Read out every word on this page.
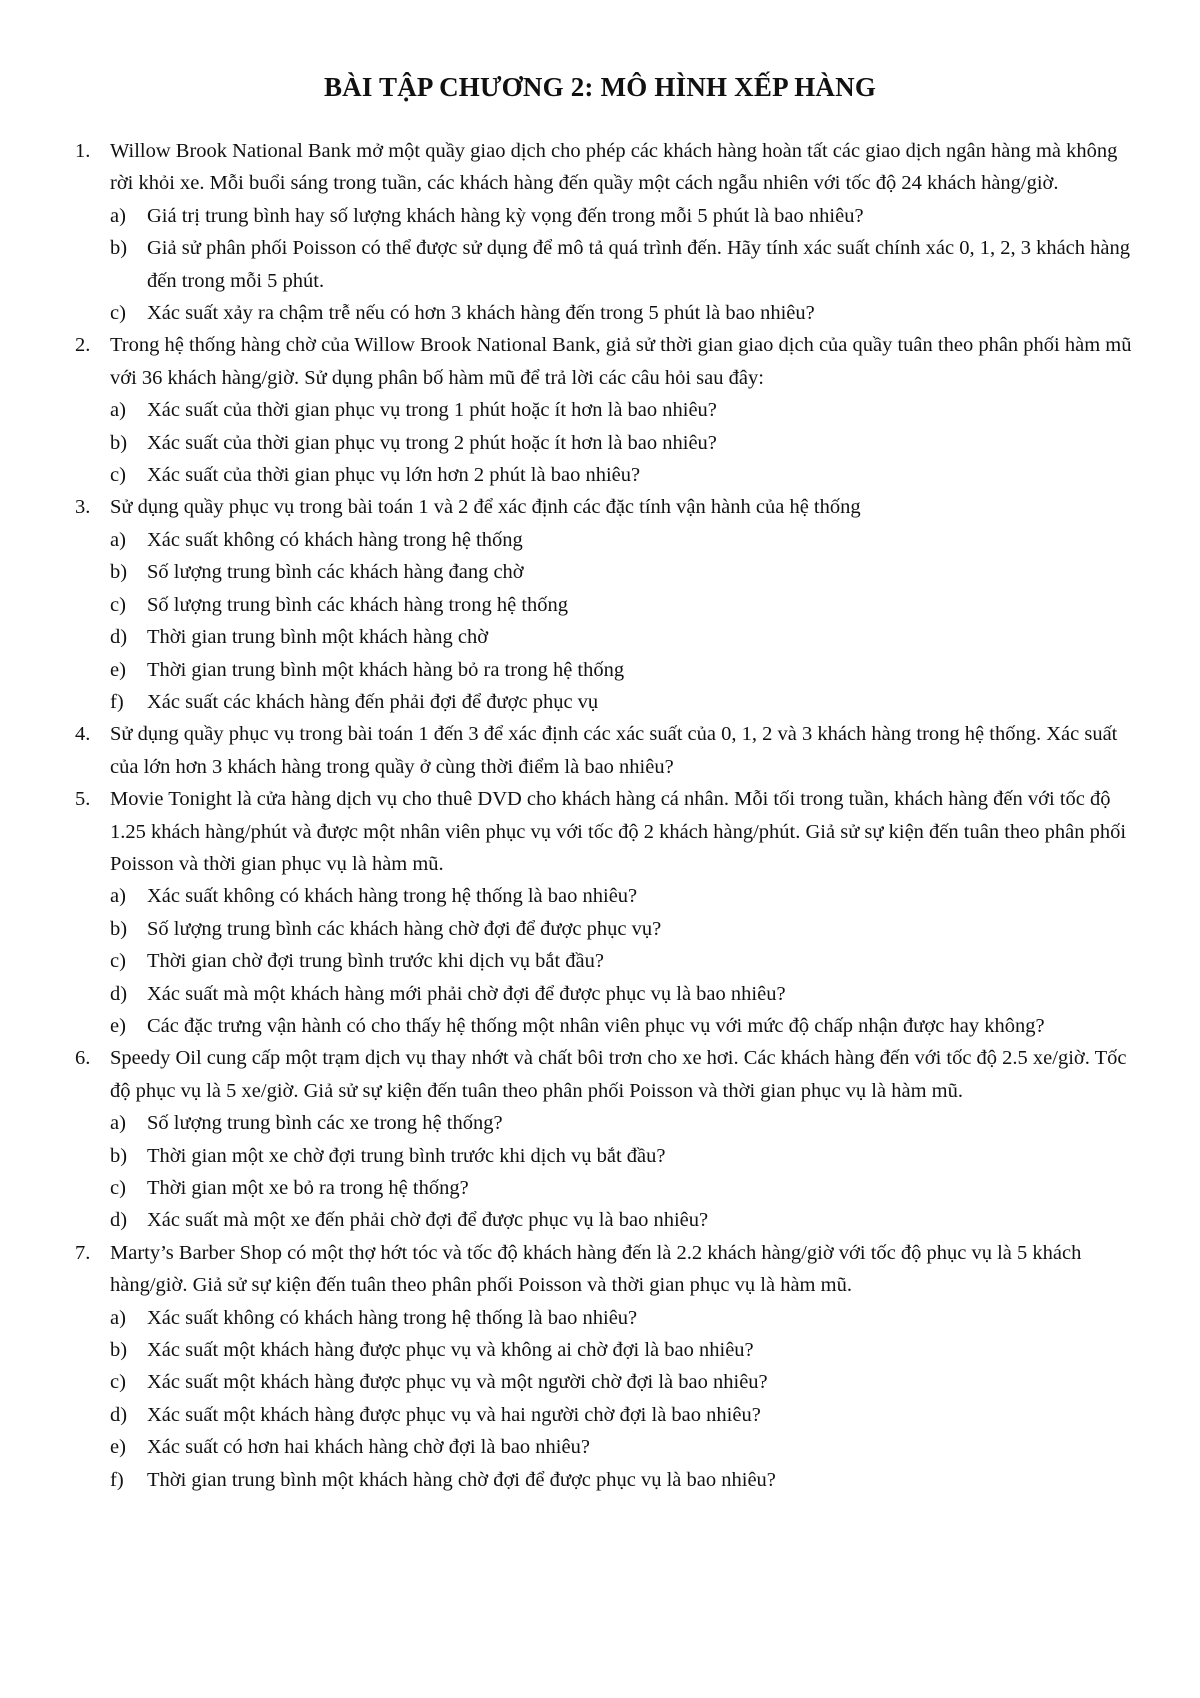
BÀI TẬP CHƯƠNG 2: MÔ HÌNH XẾP HÀNG
1. Willow Brook National Bank mở một quầy giao dịch cho phép các khách hàng hoàn tất các giao dịch ngân hàng mà không rời khỏi xe. Mỗi buổi sáng trong tuần, các khách hàng đến quầy một cách ngẫu nhiên với tốc độ 24 khách hàng/giờ.
a) Giá trị trung bình hay số lượng khách hàng kỳ vọng đến trong mỗi 5 phút là bao nhiêu?
b) Giả sử phân phối Poisson có thể được sử dụng để mô tả quá trình đến. Hãy tính xác suất chính xác 0, 1, 2, 3 khách hàng đến trong mỗi 5 phút.
c) Xác suất xảy ra chậm trễ nếu có hơn 3 khách hàng đến trong 5 phút là bao nhiêu?
2. Trong hệ thống hàng chờ của Willow Brook National Bank, giả sử thời gian giao dịch của quầy tuân theo phân phối hàm mũ với 36 khách hàng/giờ. Sử dụng phân bố hàm mũ để trả lời các câu hỏi sau đây:
a) Xác suất của thời gian phục vụ trong 1 phút hoặc ít hơn là bao nhiêu?
b) Xác suất của thời gian phục vụ trong 2 phút hoặc ít hơn là bao nhiêu?
c) Xác suất của thời gian phục vụ lớn hơn 2 phút là bao nhiêu?
3. Sử dụng quầy phục vụ trong bài toán 1 và 2 để xác định các đặc tính vận hành của hệ thống
a) Xác suất không có khách hàng trong hệ thống
b) Số lượng trung bình các khách hàng đang chờ
c) Số lượng trung bình các khách hàng trong hệ thống
d) Thời gian trung bình một khách hàng chờ
e) Thời gian trung bình một khách hàng bỏ ra trong hệ thống
f) Xác suất các khách hàng đến phải đợi để được phục vụ
4. Sử dụng quầy phục vụ trong bài toán 1 đến 3 để xác định các xác suất của 0, 1, 2 và 3 khách hàng trong hệ thống. Xác suất của lớn hơn 3 khách hàng trong quầy ở cùng thời điểm là bao nhiêu?
5. Movie Tonight là cửa hàng dịch vụ cho thuê DVD cho khách hàng cá nhân. Mỗi tối trong tuần, khách hàng đến với tốc độ 1.25 khách hàng/phút và được một nhân viên phục vụ với tốc độ 2 khách hàng/phút. Giả sử sự kiện đến tuân theo phân phối Poisson và thời gian phục vụ là hàm mũ.
a) Xác suất không có khách hàng trong hệ thống là bao nhiêu?
b) Số lượng trung bình các khách hàng chờ đợi để được phục vụ?
c) Thời gian chờ đợi trung bình trước khi dịch vụ bắt đầu?
d) Xác suất mà một khách hàng mới phải chờ đợi để được phục vụ là bao nhiêu?
e) Các đặc trưng vận hành có cho thấy hệ thống một nhân viên phục vụ với mức độ chấp nhận được hay không?
6. Speedy Oil cung cấp một trạm dịch vụ thay nhớt và chất bôi trơn cho xe hơi. Các khách hàng đến với tốc độ 2.5 xe/giờ. Tốc độ phục vụ là 5 xe/giờ. Giả sử sự kiện đến tuân theo phân phối Poisson và thời gian phục vụ là hàm mũ.
a) Số lượng trung bình các xe trong hệ thống?
b) Thời gian một xe chờ đợi trung bình trước khi dịch vụ bắt đầu?
c) Thời gian một xe bỏ ra trong hệ thống?
d) Xác suất mà một xe đến phải chờ đợi để được phục vụ là bao nhiêu?
7. Marty’s Barber Shop có một thợ hớt tóc và tốc độ khách hàng đến là 2.2 khách hàng/giờ với tốc độ phục vụ là 5 khách hàng/giờ. Giả sử sự kiện đến tuân theo phân phối Poisson và thời gian phục vụ là hàm mũ.
a) Xác suất không có khách hàng trong hệ thống là bao nhiêu?
b) Xác suất một khách hàng được phục vụ và không ai chờ đợi là bao nhiêu?
c) Xác suất một khách hàng được phục vụ và một người chờ đợi là bao nhiêu?
d) Xác suất một khách hàng được phục vụ và hai người chờ đợi là bao nhiêu?
e) Xác suất có hơn hai khách hàng chờ đợi là bao nhiêu?
f) Thời gian trung bình một khách hàng chờ đợi để được phục vụ là bao nhiêu?
